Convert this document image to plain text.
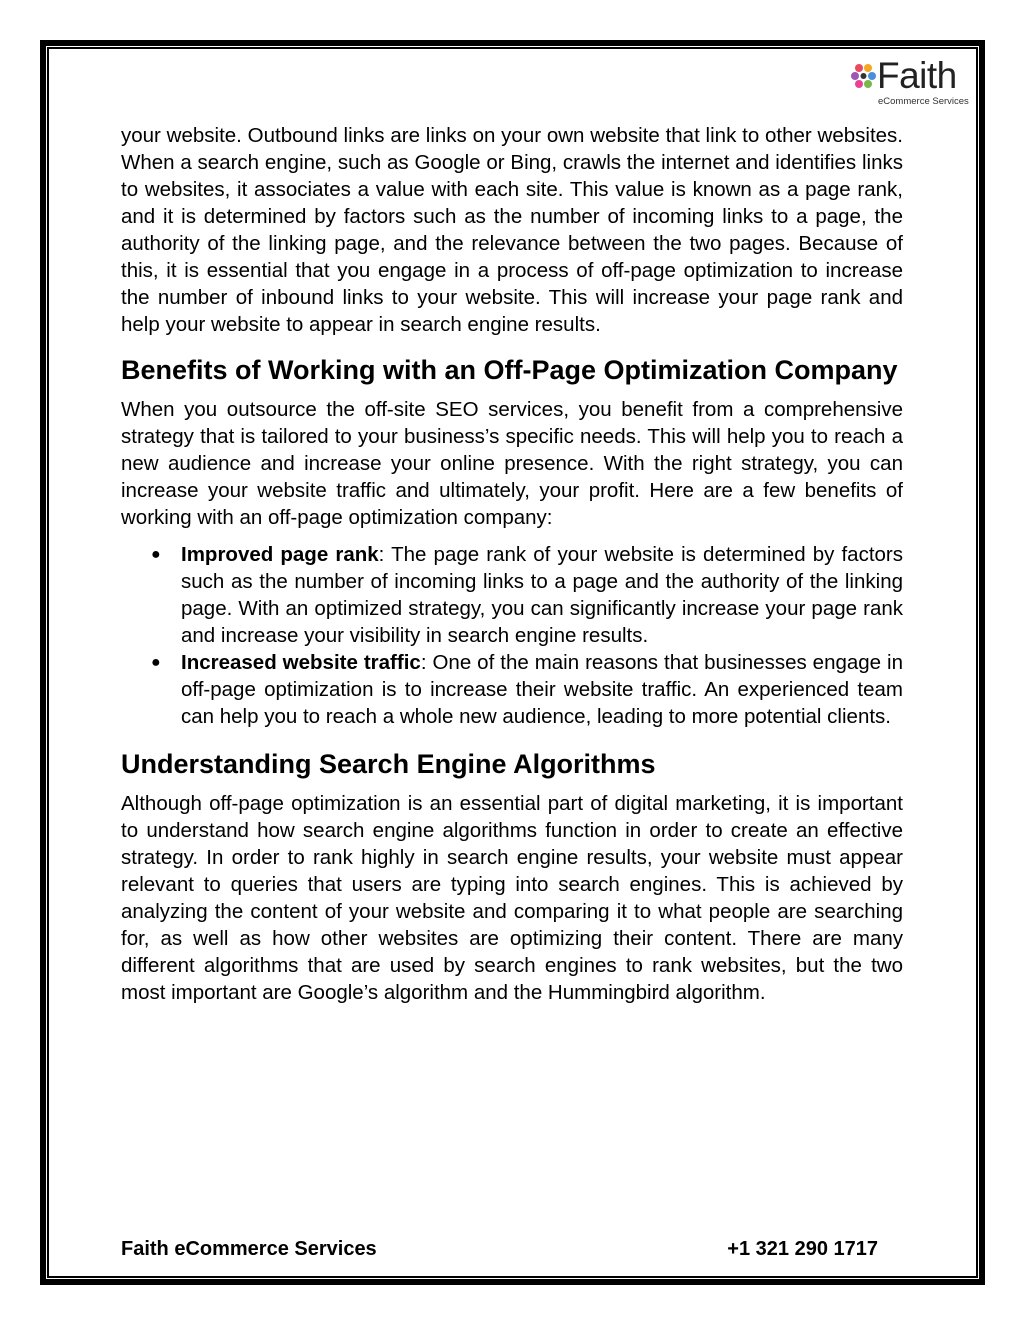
Faith
eCommerce Services

your website. Outbound links are links on your own website that link to other websites. When a search engine, such as Google or Bing, crawls the internet and identifies links to websites, it associates a value with each site. This value is known as a page rank, and it is determined by factors such as the number of incoming links to a page, the authority of the linking page, and the relevance between the two pages. Because of this, it is essential that you engage in a process of off-page optimization to increase the number of inbound links to your website. This will increase your page rank and help your website to appear in search engine results.

Benefits of Working with an Off-Page Optimization Company

When you outsource the off-site SEO services, you benefit from a comprehensive strategy that is tailored to your business’s specific needs. This will help you to reach a new audience and increase your online presence. With the right strategy, you can increase your website traffic and ultimately, your profit. Here are a few benefits of working with an off-page optimization company:

● Improved page rank: The page rank of your website is determined by factors such as the number of incoming links to a page and the authority of the linking page. With an optimized strategy, you can significantly increase your page rank and increase your visibility in search engine results.
● Increased website traffic: One of the main reasons that businesses engage in off-page optimization is to increase their website traffic. An experienced team can help you to reach a whole new audience, leading to more potential clients.
Understanding Search Engine Algorithms

Although off-page optimization is an essential part of digital marketing, it is important to understand how search engine algorithms function in order to create an effective strategy. In order to rank highly in search engine results, your website must appear relevant to queries that users are typing into search engines. This is achieved by analyzing the content of your website and comparing it to what people are searching for, as well as how other websites are optimizing their content. There are many different algorithms that are used by search engines to rank websites, but the two most important are Google’s algorithm and the Hummingbird algorithm.

Faith eCommerce Services	+1 321 290 1717
